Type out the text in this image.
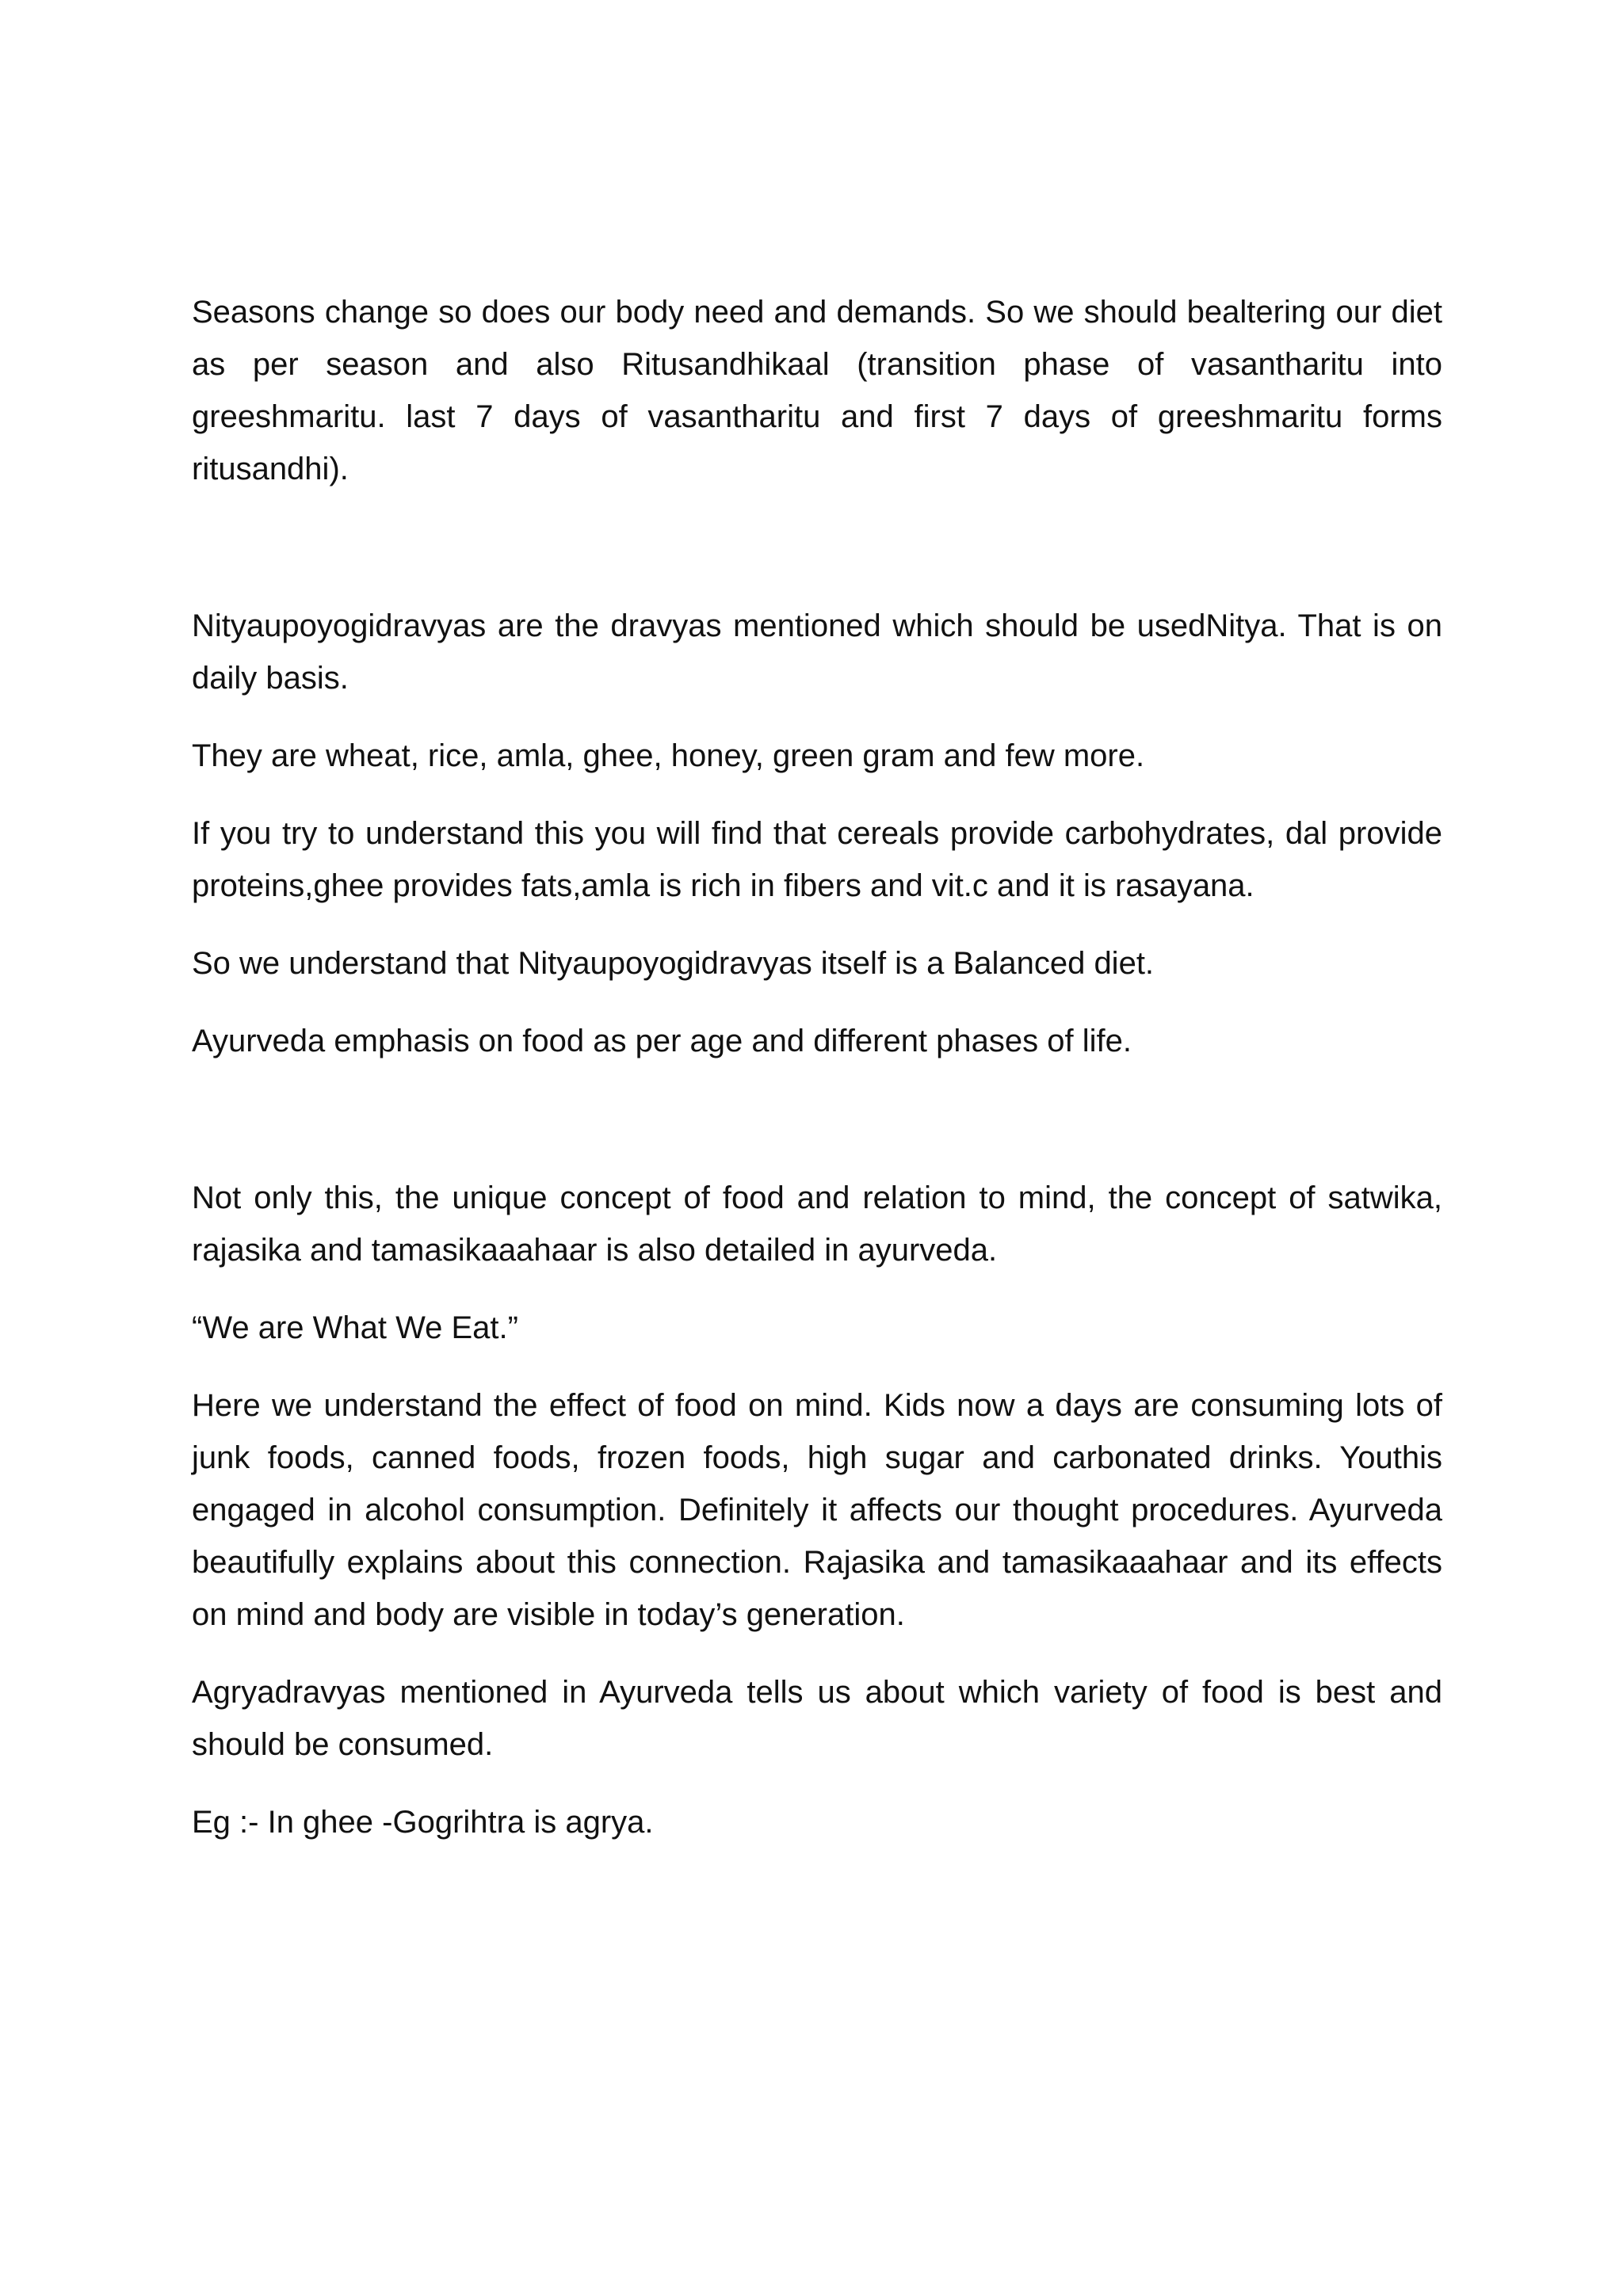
Seasons change so does our body need and demands. So we should bealtering our diet as per season and also Ritusandhikaal (transition phase of vasantharitu into greeshmaritu. last 7 days of vasantharitu and first 7 days of greeshmaritu forms ritusandhi).

Nityaupoyogidravyas are the dravyas mentioned which should be usedNitya. That is on daily basis.

They are wheat, rice, amla, ghee, honey, green gram and few more.

If you try to understand this you will find that cereals provide carbohydrates, dal provide proteins,ghee provides fats,amla is rich in fibers and vit.c and it is rasayana.

So we understand that Nityaupoyogidravyas itself is a Balanced diet.

Ayurveda emphasis on food as per age and different phases of life.

Not only this, the unique concept of food and relation to mind, the concept of satwika, rajasika and tamasikaaahaar is also detailed in ayurveda.

“We are What We Eat.”

Here we understand the effect of food on mind. Kids now a days are consuming lots of junk foods, canned foods, frozen foods, high sugar and carbonated drinks. Youthis engaged in alcohol consumption. Definitely it affects our thought procedures. Ayurveda beautifully explains about this connection. Rajasika and tamasikaaahaar and its effects on mind and body are visible in today’s generation.

Agryadravyas mentioned in Ayurveda tells us about which variety of food is best and should be consumed.

Eg :- In ghee -Gogrihtra is agrya.
